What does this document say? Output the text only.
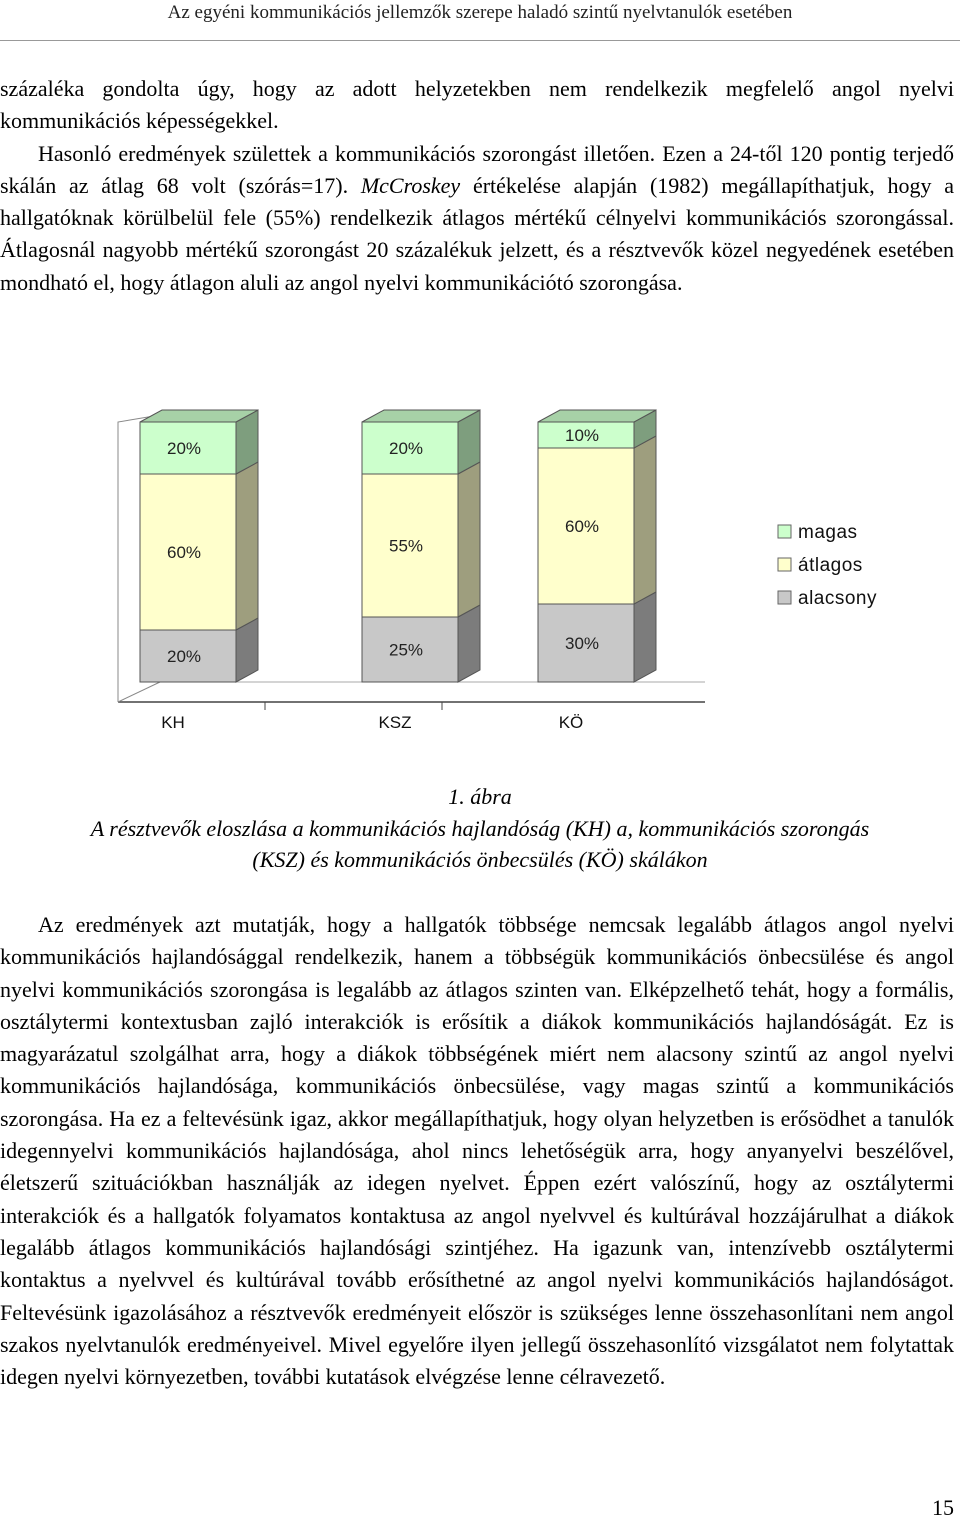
Az egyéni kommunikációs jellemzők szerepe haladó szintű nyelvtanulók esetében

százaléka gondolta úgy, hogy az adott helyzetekben nem rendelkezik megfelelő angol nyelvi kommunikációs képességekkel.

Hasonló eredmények születtek a kommunikációs szorongást illetően. Ezen a 24-től 120 pontig terjedő skálán az átlag 68 volt (szórás=17). McCroskey értékelése alapján (1982) megállapíthatjuk, hogy a hallgatóknak körülbelül fele (55%) rendelkezik átlagos mértékű célnyelvi kommunikációs szorongással. Átlagosnál nagyobb mértékű szorongást 20 százalékuk jelzett, és a résztvevők közel negyedének esetében mondható el, hogy átlagon aluli az angol nyelvi kommunikációtó szorongása.

20%
60%
20%
KH
25%
55%
20%
KSZ
30%
60%
10%
KÖ
magas
átlagos
alacsony
1. ábra
A résztvevők eloszlása a kommunikációs hajlandóság (KH) a, kommunikációs szorongás
(KSZ) és kommunikációs önbecsülés (KÖ) skálákon

Az eredmények azt mutatják, hogy a hallgatók többsége nemcsak legalább átlagos angol nyelvi kommunikációs hajlandósággal rendelkezik, hanem a többségük kommunikációs önbecsülése és angol nyelvi kommunikációs szorongása is legalább az átlagos szinten van. Elképzelhető tehát, hogy a formális, osztálytermi kontextusban zajló interakciók is erősítik a diákok kommunikációs hajlandóságát. Ez is magyarázatul szolgálhat arra, hogy a diákok többségének miért nem alacsony szintű az angol nyelvi kommunikációs hajlandósága, kommunikációs önbecsülése, vagy magas szintű a kommunikációs szorongása. Ha ez a feltevésünk igaz, akkor megállapíthatjuk, hogy olyan helyzetben is erősödhet a tanulók idegennyelvi kommunikációs hajlandósága, ahol nincs lehetőségük arra, hogy anyanyelvi beszélővel, életszerű szituációkban használják az idegen nyelvet. Éppen ezért valószínű, hogy az osztálytermi interakciók és a hallgatók folyamatos kontaktusa az angol nyelvvel és kultúrával hozzájárulhat a diákok legalább átlagos kommunikációs hajlandósági szintjéhez. Ha igazunk van, intenzívebb osztálytermi kontaktus a nyelvvel és kultúrával tovább erősíthetné az angol nyelvi kommunikációs hajlandóságot. Feltevésünk igazolásához a résztvevők eredményeit először is szükséges lenne összehasonlítani nem angol szakos nyelvtanulók eredményeivel. Mivel egyelőre ilyen jellegű összehasonlító vizsgálatot nem folytattak idegen nyelvi környezetben, további kutatások elvégzése lenne célravezető.

15
